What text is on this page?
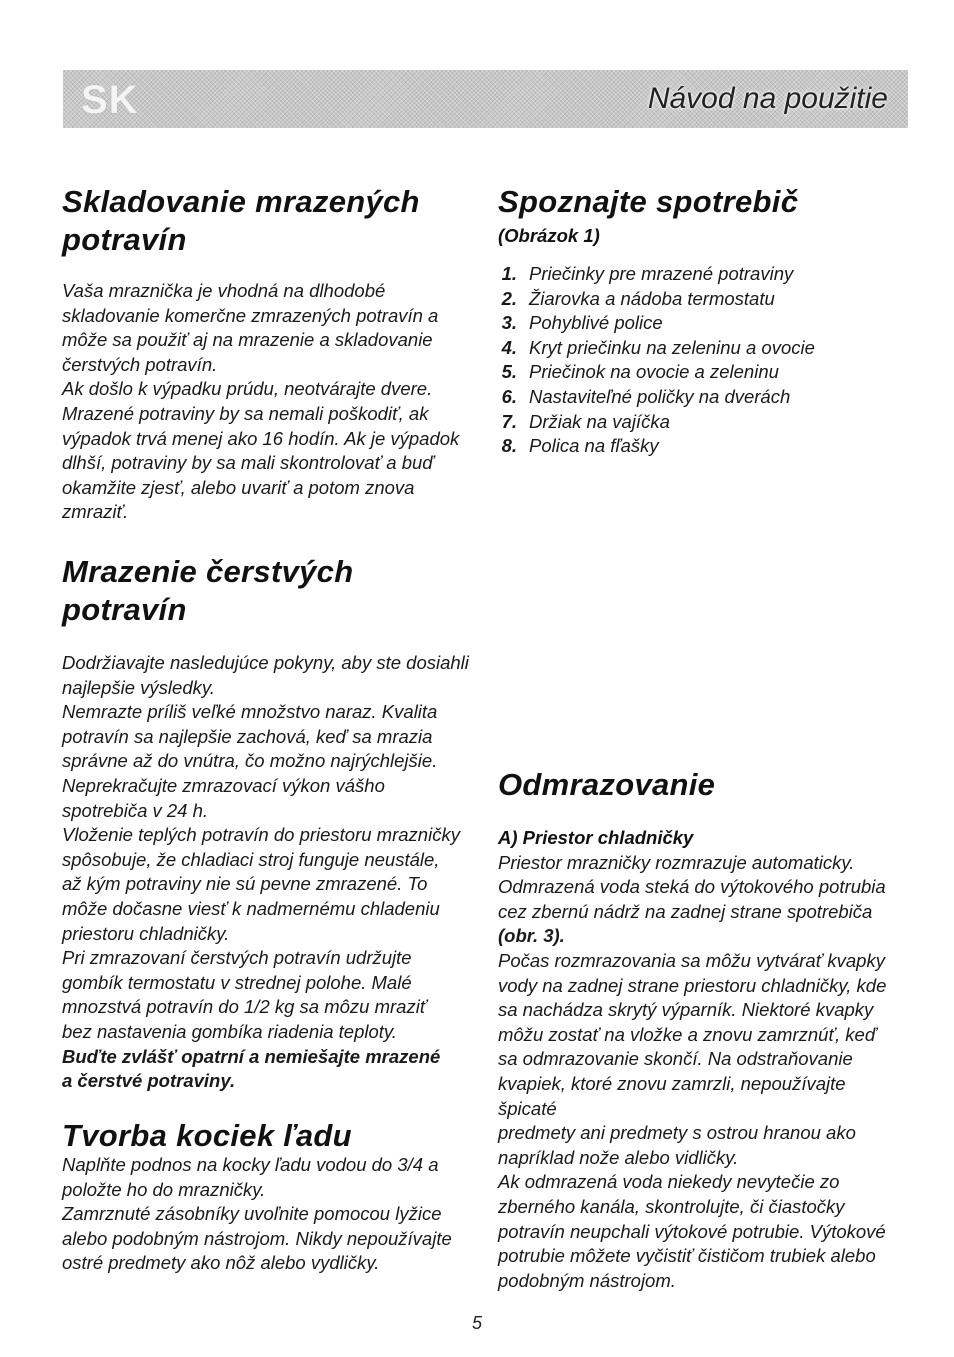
SK	Návod na použitie
Skladovanie mrazených
potravín

Vaša mraznička je vhodná na dlhodobé
skladovanie komerčne zmrazených potravín a
môže sa použiť aj na mrazenie a skladovanie
čerstvých potravín.
Ak došlo k výpadku prúdu, neotvárajte dvere.
Mrazené potraviny by sa nemali poškodiť, ak
výpadok trvá menej ako 16 hodín. Ak je výpadok
dlhší, potraviny by sa mali skontrolovať a buď
okamžite zjesť, alebo uvariť a potom znova
zmraziť.

Mrazenie čerstvých
potravín

Dodržiavajte nasledujúce pokyny, aby ste dosiahli
najlepšie výsledky.
Nemrazte príliš veľké množstvo naraz. Kvalita
potravín sa najlepšie zachová, keď sa mrazia
správne až do vnútra, čo možno najrýchlejšie.
Neprekračujte zmrazovací výkon vášho
spotrebiča v 24 h.
Vloženie teplých potravín do priestoru mrazničky
spôsobuje, že chladiaci stroj funguje neustále,
až kým potraviny nie sú pevne zmrazené. To
môže dočasne viesť k nadmernému chladeniu
priestoru chladničky.
Pri zmrazovaní čerstvých potravín udržujte
gombík termostatu v strednej polohe. Malé
mnozstvá potravín do 1/2 kg sa môzu mraziť
bez nastavenia gombíka riadenia teploty.
Buďte zvlášť opatrní a nemiešajte mrazené
a čerstvé potraviny.

Tvorba kociek ľadu

Naplňte podnos na kocky ľadu vodou do 3/4 a
položte ho do mrazničky.
Zamrznuté zásobníky uvoľnite pomocou lyžice
alebo podobným nástrojom. Nikdy nepoužívajte
ostré predmety ako nôž alebo vydličky.

Spoznajte spotrebič

(Obrázok 1)

1. Priečinky pre mrazené potraviny
2. Žiarovka a nádoba termostatu
3. Pohyblivé police
4. Kryt priečinku na zeleninu a ovocie
5. Priečinok na ovocie a zeleninu
6. Nastaviteľné poličky na dverách
7. Držiak na vajíčka
8. Polica na fľašky
Odmrazovanie

A) Priestor chladničky

Priestor mrazničky rozmrazuje automaticky.
Odmrazená voda steká do výtokového potrubia
cez zbernú nádrž na zadnej strane spotrebiča
(obr. 3).
Počas rozmrazovania sa môžu vytvárať kvapky
vody na zadnej strane priestoru chladničky, kde
sa nachádza skrytý výparník. Niektoré kvapky
môžu zostať na vložke a znovu zamrznúť, keď
sa odmrazovanie skončí. Na odstraňovanie
kvapiek, ktoré znovu zamrzli, nepoužívajte špicaté
predmety ani predmety s ostrou hranou ako
napríklad nože alebo vidličky.
Ak odmrazená voda niekedy nevytečie zo
zberného kanála, skontrolujte, či čiastočky
potravín neupchali výtokové potrubie. Výtokové
potrubie môžete vyčistiť čističom trubiek alebo
podobným nástrojom.

5
